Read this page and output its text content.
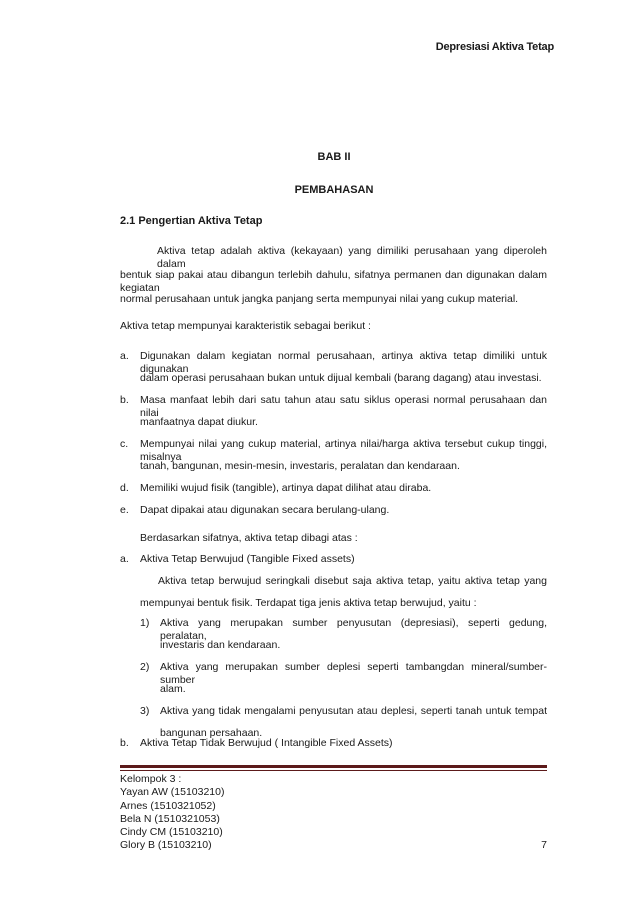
Depresiasi Aktiva Tetap
BAB II
PEMBAHASAN
2.1 Pengertian Aktiva Tetap
Aktiva tetap adalah aktiva (kekayaan) yang dimiliki perusahaan yang diperoleh dalam
bentuk siap pakai atau dibangun terlebih dahulu, sifatnya permanen dan digunakan dalam kegiatan
normal perusahaan untuk jangka panjang serta mempunyai nilai yang cukup material.
Aktiva tetap mempunyai karakteristik sebagai berikut :
a. Digunakan dalam kegiatan normal perusahaan, artinya aktiva tetap dimiliki untuk digunakan
dalam operasi perusahaan bukan untuk dijual kembali (barang dagang) atau investasi.
b. Masa manfaat lebih dari satu tahun atau satu siklus operasi normal perusahaan dan nilai
manfaatnya dapat diukur.
c. Mempunyai nilai yang cukup material, artinya nilai/harga aktiva tersebut cukup tinggi, misalnya
tanah, bangunan, mesin-mesin, investaris, peralatan dan kendaraan.
d. Memiliki wujud fisik (tangible), artinya dapat dilihat atau diraba.
e. Dapat dipakai atau digunakan secara berulang-ulang.
Berdasarkan sifatnya, aktiva tetap dibagi atas :
a. Aktiva Tetap Berwujud (Tangible Fixed assets)
Aktiva tetap berwujud seringkali disebut saja aktiva tetap, yaitu aktiva tetap yang
mempunyai bentuk fisik. Terdapat tiga jenis aktiva tetap berwujud, yaitu :
1) Aktiva yang merupakan sumber penyusutan (depresiasi), seperti gedung, peralatan,
investaris dan kendaraan.
2) Aktiva yang merupakan sumber deplesi seperti tambangdan mineral/sumber-sumber
alam.
3) Aktiva yang tidak mengalami penyusutan atau deplesi, seperti tanah untuk tempat
bangunan persahaan.
b. Aktiva Tetap Tidak Berwujud ( Intangible Fixed Assets)
Kelompok 3 :
Yayan AW (15103210)
Arnes (1510321052)
Bela N (1510321053)
Cindy CM (15103210)
Glory B (15103210)	7
